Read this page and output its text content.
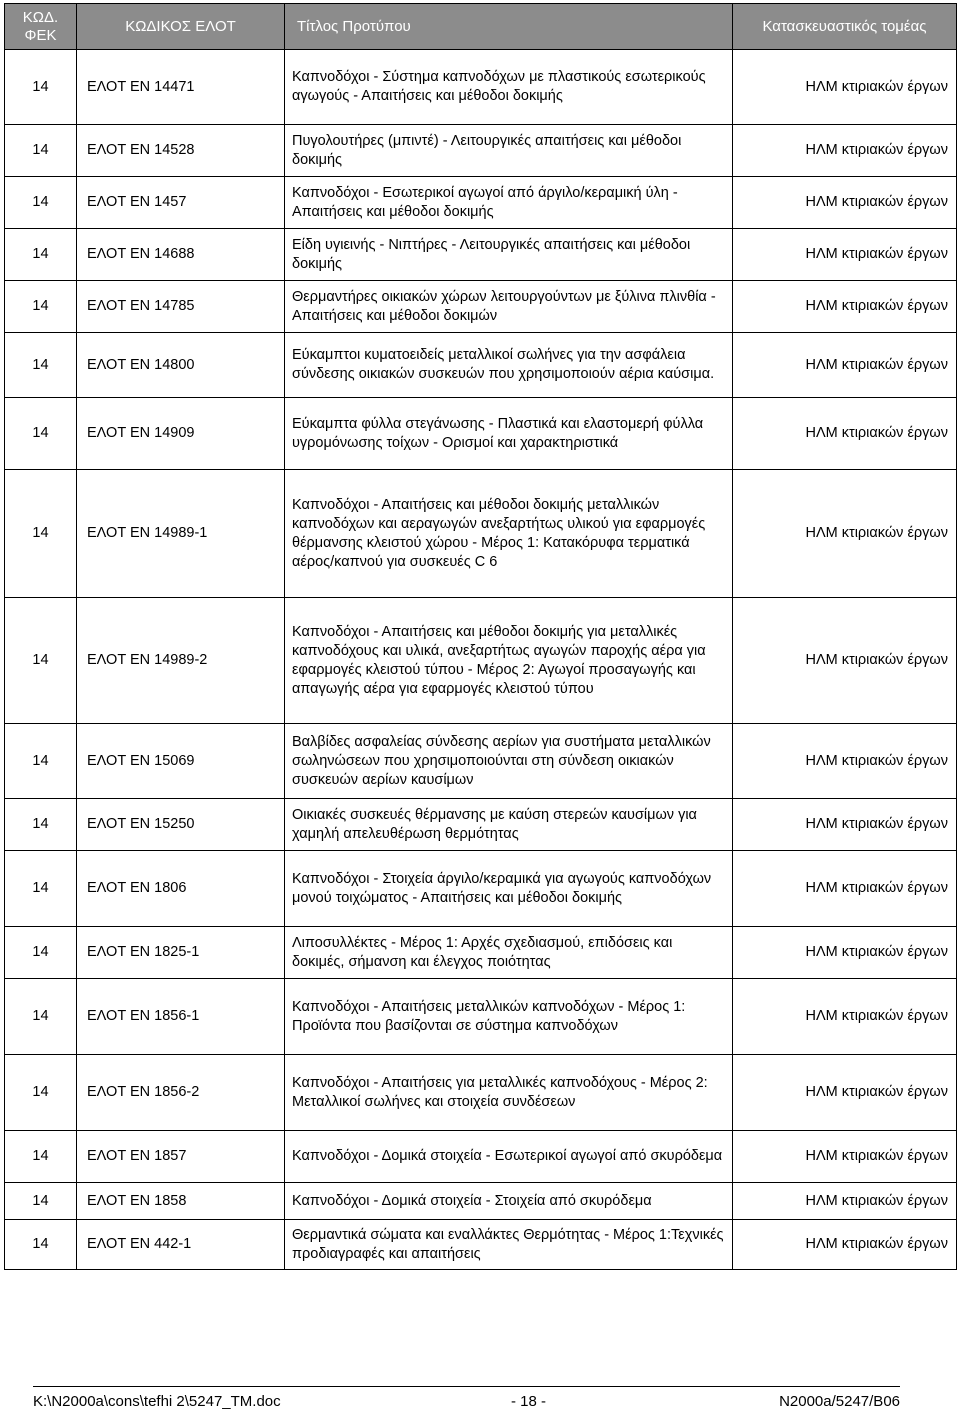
ΚΩΔ. ΦΕΚ	ΚΩΔΙΚΟΣ ΕΛΟΤ	Τίτλος Προτύπου	Κατασκευαστικός τομέας
14	ΕΛΟΤ EN 14471	Καπνοδόχοι - Σύστημα καπνοδόχων με πλαστικούς εσωτερικούς αγωγούς - Απαιτήσεις και μέθοδοι δοκιμής	ΗΛΜ κτιριακών έργων
14	ΕΛΟΤ EN 14528	Πυγολουτήρες (μπιντέ) - Λειτουργικές απαιτήσεις και μέθοδοι δοκιμής	ΗΛΜ κτιριακών έργων
14	ΕΛΟΤ EN 1457	Καπνοδόχοι - Εσωτερικοί αγωγοί από άργιλο/κεραμική ύλη - Απαιτήσεις και μέθοδοι δοκιμής	ΗΛΜ κτιριακών έργων
14	ΕΛΟΤ EN 14688	Είδη υγιεινής - Νιπτήρες - Λειτουργικές απαιτήσεις και μέθοδοι δοκιμής	ΗΛΜ κτιριακών έργων
14	ΕΛΟΤ EN 14785	Θερμαντήρες οικιακών χώρων λειτουργούντων με ξύλινα πλινθία - Απαιτήσεις και μέθοδοι δοκιμών	ΗΛΜ κτιριακών έργων
14	ΕΛΟΤ EN 14800	Εύκαμπτοι κυματοειδείς μεταλλικοί σωλήνες για την ασφάλεια σύνδεσης οικιακών συσκευών που χρησιμοποιούν αέρια καύσιμα.	ΗΛΜ κτιριακών έργων
14	ΕΛΟΤ EN 14909	Εύκαμπτα φύλλα στεγάνωσης - Πλαστικά και ελαστομερή φύλλα υγρομόνωσης τοίχων - Ορισμοί και χαρακτηριστικά	ΗΛΜ κτιριακών έργων
14	ΕΛΟΤ EN 14989-1	Καπνοδόχοι - Απαιτήσεις και μέθοδοι δοκιμής μεταλλικών καπνοδόχων και αεραγωγών ανεξαρτήτως υλικού για εφαρμογές θέρμανσης κλειστού χώρου - Μέρος 1: Κατακόρυφα τερματικά αέρος/καπνού για συσκευές C 6	ΗΛΜ κτιριακών έργων
14	ΕΛΟΤ EN 14989-2	Καπνοδόχοι - Απαιτήσεις και μέθοδοι δοκιμής για μεταλλικές καπνοδόχους και υλικά, ανεξαρτήτως αγωγών παροχής αέρα για εφαρμογές κλειστού τύπου - Μέρος 2: Αγωγοί προσαγωγής και απαγωγής αέρα για εφαρμογές κλειστού τύπου	ΗΛΜ κτιριακών έργων
14	ΕΛΟΤ EN 15069	Βαλβίδες ασφαλείας σύνδεσης αερίων για συστήματα μεταλλικών σωληνώσεων που χρησιμοποιούνται στη σύνδεση οικιακών συσκευών αερίων καυσίμων	ΗΛΜ κτιριακών έργων
14	ΕΛΟΤ EN 15250	Οικιακές συσκευές θέρμανσης με καύση στερεών καυσίμων για χαμηλή απελευθέρωση θερμότητας	ΗΛΜ κτιριακών έργων
14	ΕΛΟΤ EN 1806	Καπνοδόχοι - Στοιχεία άργιλο/κεραμικά για αγωγούς καπνοδόχων μονού τοιχώματος - Απαιτήσεις και μέθοδοι δοκιμής	ΗΛΜ κτιριακών έργων
14	ΕΛΟΤ EN 1825-1	Λιποσυλλέκτες - Μέρος 1: Αρχές σχεδιασμού, επιδόσεις και δοκιμές, σήμανση και έλεγχος ποιότητας	ΗΛΜ κτιριακών έργων
14	ΕΛΟΤ EN 1856-1	Καπνοδόχοι - Απαιτήσεις μεταλλικών καπνοδόχων - Μέρος 1: Προϊόντα που βασίζονται σε σύστημα καπνοδόχων	ΗΛΜ κτιριακών έργων
14	ΕΛΟΤ EN 1856-2	Καπνοδόχοι - Απαιτήσεις για μεταλλικές καπνοδόχους - Μέρος 2: Μεταλλικοί σωλήνες και στοιχεία συνδέσεων	ΗΛΜ κτιριακών έργων
14	ΕΛΟΤ EN 1857	Καπνοδόχοι - Δομικά στοιχεία - Εσωτερικοί αγωγοί από σκυρόδεμα	ΗΛΜ κτιριακών έργων
14	ΕΛΟΤ EN 1858	Καπνοδόχοι - Δομικά στοιχεία - Στοιχεία από σκυρόδεμα	ΗΛΜ κτιριακών έργων
14	ΕΛΟΤ EN 442-1	Θερμαντικά σώματα και εναλλάκτες Θερμότητας - Μέρος 1:Τεχνικές προδιαγραφές και απαιτήσεις	ΗΛΜ κτιριακών έργων
K:\N2000a\cons\tefhi 2\5247_TM.doc	- 18 -	N2000a/5247/B06
